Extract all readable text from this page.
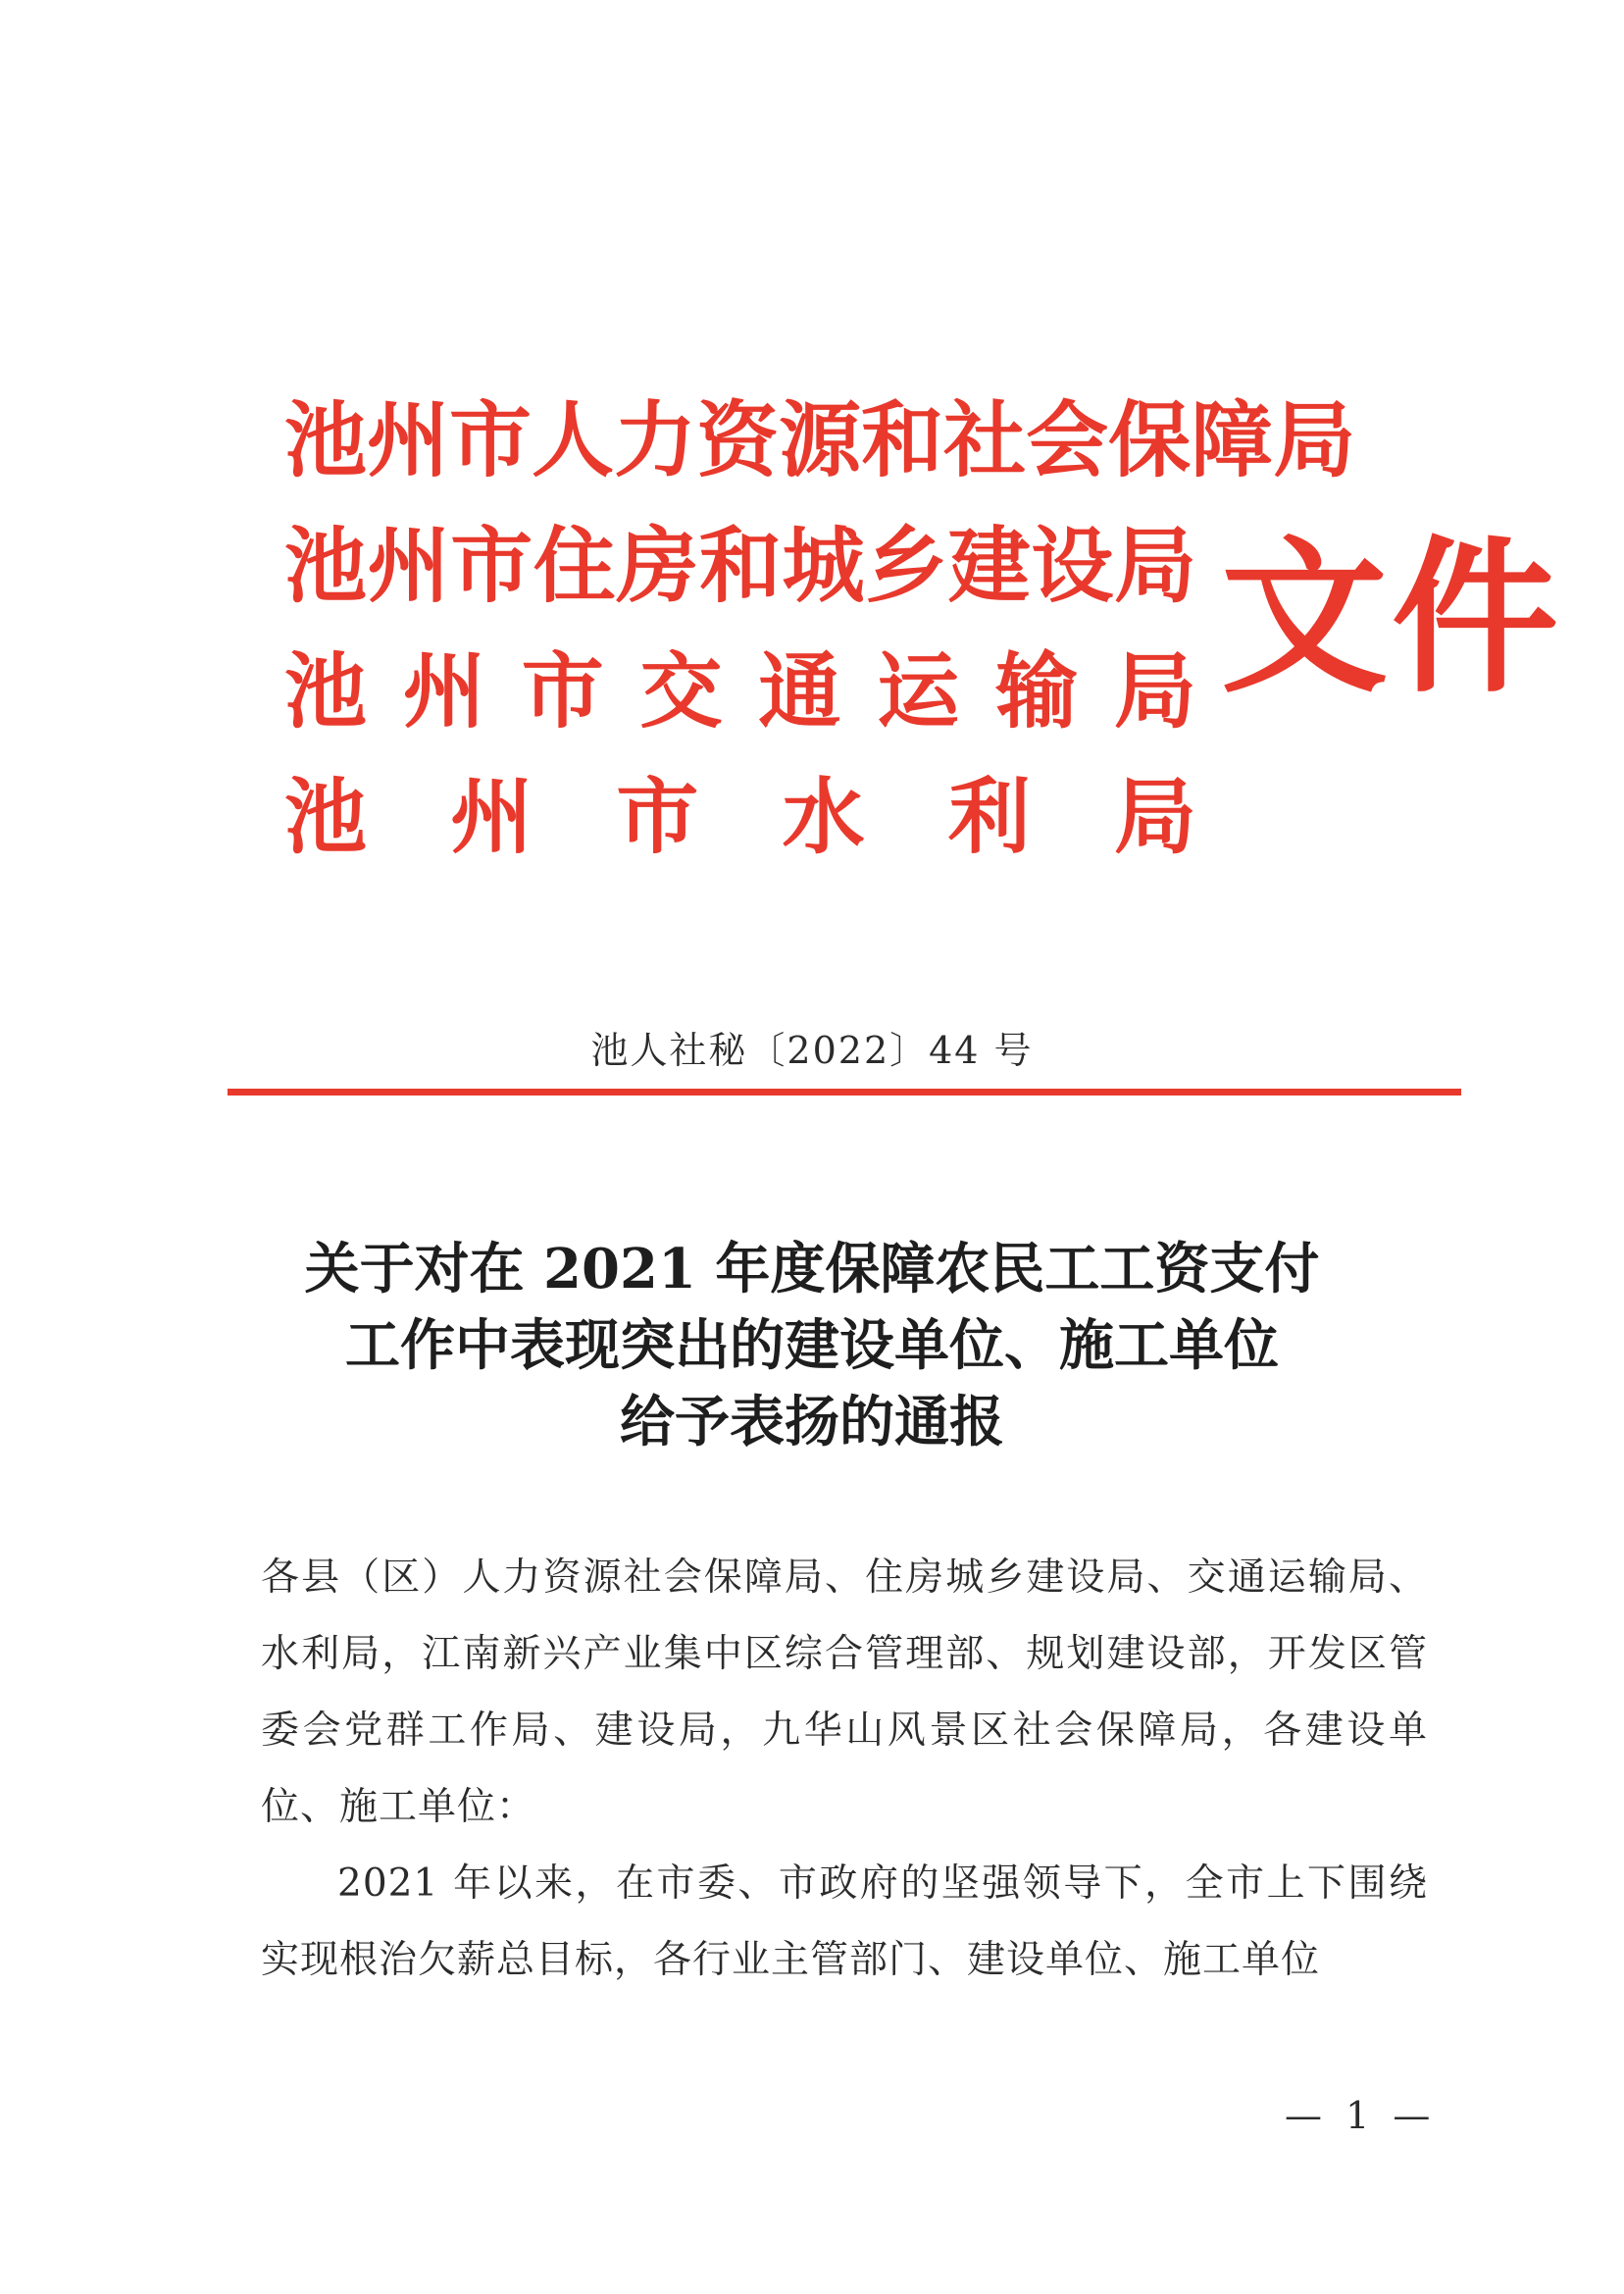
池 州 市 人 力 资 源 和 社 会 保 障 局
池 州 市 住 房 和 城 乡 建 设 局
池 州 市 交 通 运 输 局
池 州 市 水 利 局
文件
池人社秘〔2022〕44 号
关于对在 2021 年度保障农民工工资支付
工作中表现突出的建设单位、施工单位
给予表扬的通报

各县（区）人力资源社会保障局、住房城乡建设局、交通运输局、水利局，江南新兴产业集中区综合管理部、规划建设部，开发区管委会党群工作局、建设局，九华山风景区社会保障局，各建设单位、施工单位：

2021 年以来，在市委、市政府的坚强领导下，全市上下围绕实现根治欠薪总目标，各行业主管部门、建设单位、施工单位

— 1 —
